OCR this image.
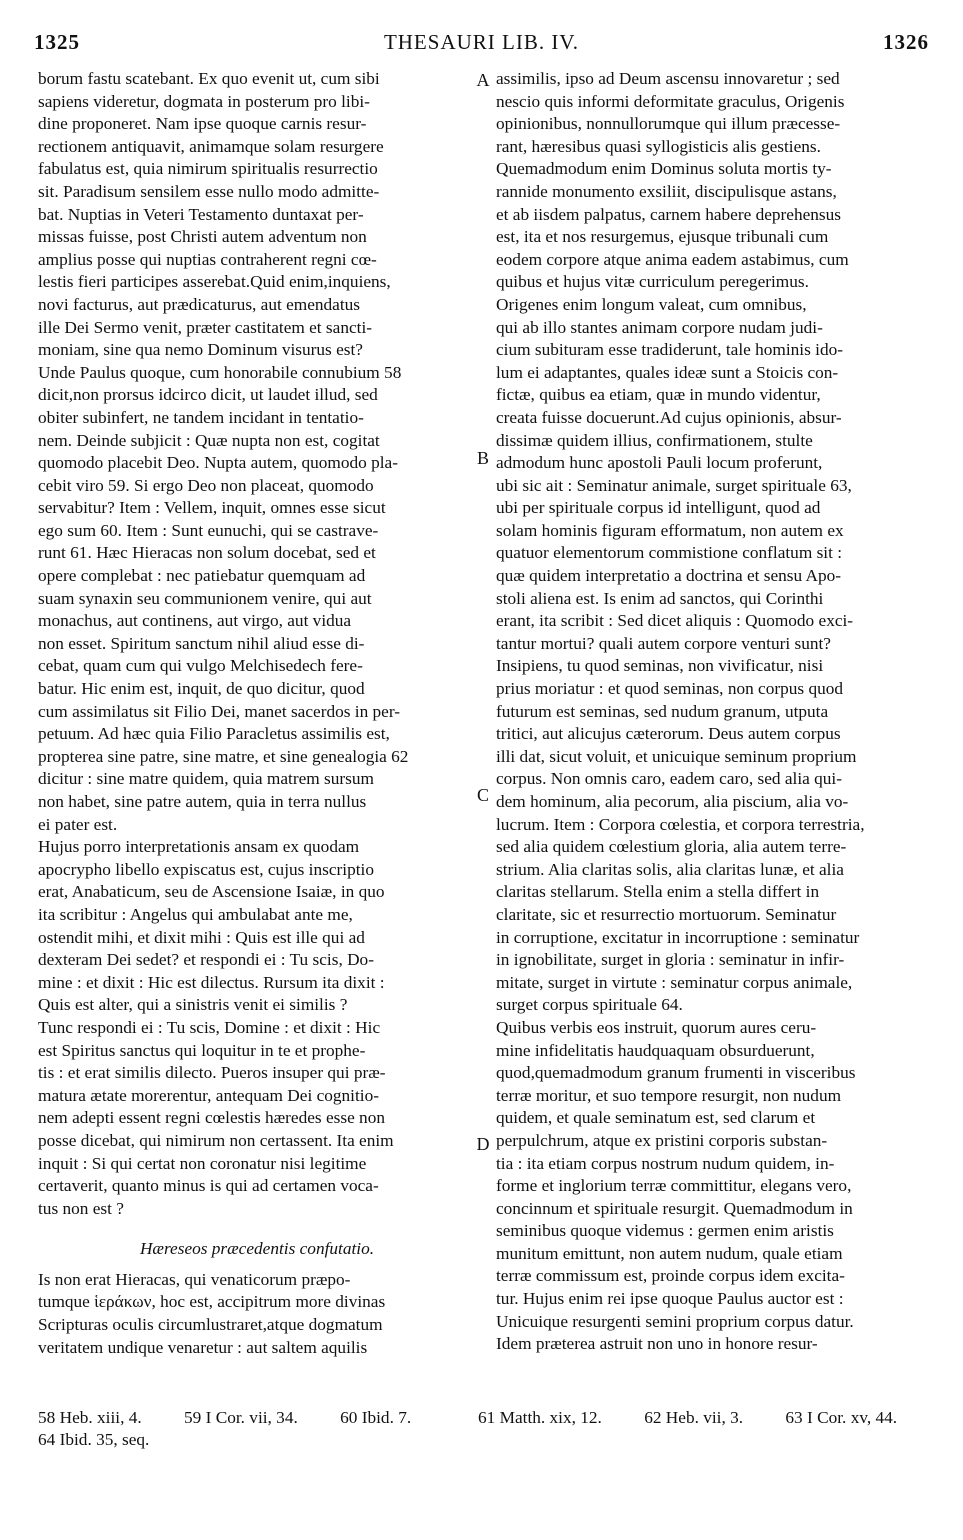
1325	THESAURI LIB. IV.	1326
borum fastu scatebant. Ex quo evenit ut, cum sibi
sapiens videretur, dogmata in posterum pro libi-
dine proponeret. Nam ipse quoque carnis resur-
rectionem antiquavit, animamque solam resurgere
fabulatus est, quia nimirum spiritualis resurrectio
sit. Paradisum sensilem esse nullo modo admitte-
bat. Nuptias in Veteri Testamento duntaxat per-
missas fuisse, post Christi autem adventum non
amplius posse qui nuptias contraherent regni cœ-
lestis fieri participes asserebat.Quid enim,inquiens,
novi facturus, aut prædicaturus, aut emendatus
ille Dei Sermo venit, præter castitatem et sancti-
moniam, sine qua nemo Dominum visurus est?
Unde Paulus quoque, cum honorabile connubium 58
dicit,non prorsus idcirco dicit, ut laudet illud, sed
obiter subinfert, ne tandem incidant in tentatio-
nem. Deinde subjicit : Quæ nupta non est, cogitat
quomodo placebit Deo. Nupta autem, quomodo pla-
cebit viro 59. Si ergo Deo non placeat, quomodo
servabitur? Item : Vellem, inquit, omnes esse sicut
ego sum 60. Item : Sunt eunuchi, qui se castrave-
runt 61. Hæc Hieracas non solum docebat, sed et
opere complebat : nec patiebatur quemquam ad
suam synaxin seu communionem venire, qui aut
monachus, aut continens, aut virgo, aut vidua
non esset. Spiritum sanctum nihil aliud esse di-
cebat, quam cum qui vulgo Melchisedech fere-
batur. Hic enim est, inquit, de quo dicitur, quod
cum assimilatus sit Filio Dei, manet sacerdos in per-
petuum. Ad hæc quia Filio Paracletus assimilis est,
propterea sine patre, sine matre, et sine genealogia 62
dicitur : sine matre quidem, quia matrem sursum
non habet, sine patre autem, quia in terra nullus
ei pater est.
Hujus porro interpretationis ansam ex quodam
apocrypho libello expiscatus est, cujus inscriptio
erat, Anabaticum, seu de Ascensione Isaiæ, in quo
ita scribitur : Angelus qui ambulabat ante me,
ostendit mihi, et dixit mihi : Quis est ille qui ad
dexteram Dei sedet? et respondi ei : Tu scis, Do-
mine : et dixit : Hic est dilectus. Rursum ita dixit :
Quis est alter, qui a sinistris venit ei similis ?
Tunc respondi ei : Tu scis, Domine : et dixit : Hic
est Spiritus sanctus qui loquitur in te et prophe-
tis : et erat similis dilecto. Pueros insuper qui præ-
matura ætate morerentur, antequam Dei cognitio-
nem adepti essent regni cœlestis hæredes esse non
posse dicebat, qui nimirum non certassent. Ita enim
inquit : Si qui certat non coronatur nisi legitime
certaverit, quanto minus is qui ad certamen voca-
tus non est ?
Hæreseos præcedentis confutatio.
Is non erat Hieracas, qui venaticorum præpo-
tumque ἱεράκων, hoc est, accipitrum more divinas
Scripturas oculis circumlustraret,atque dogmatum
veritatem undique venaretur : aut saltem aquilis
assimilis, ipso ad Deum ascensu innovaretur ; sed
nescio quis informi deformitate graculus, Origenis
opinionibus, nonnullorumque qui illum præcesse-
rant, hæresibus quasi syllogisticis alis gestiens.
Quemadmodum enim Dominus soluta mortis ty-
rannide monumento exsiliit, discipulisque astans,
et ab iisdem palpatus, carnem habere deprehensus
est, ita et nos resurgemus, ejusque tribunali cum
eodem corpore atque anima eadem astabimus, cum
quibus et hujus vitæ curriculum peregerimus.
Origenes enim longum valeat, cum omnibus,
qui ab illo stantes animam corpore nudam judi-
cium subituram esse tradiderunt, tale hominis ido-
lum ei adaptantes, quales ideæ sunt a Stoicis con-
fictæ, quibus ea etiam, quæ in mundo videntur,
creata fuisse docuerunt.Ad cujus opinionis, absur-
dissimæ quidem illius, confirmationem, stulte
admodum hunc apostoli Pauli locum proferunt,
ubi sic ait : Seminatur animale, surget spirituale 63,
ubi per spirituale corpus id intelligunt, quod ad
solam hominis figuram efformatum, non autem ex
quatuor elementorum commistione conflatum sit :
quæ quidem interpretatio a doctrina et sensu Apo-
stoli aliena est. Is enim ad sanctos, qui Corinthi
erant, ita scribit : Sed dicet aliquis : Quomodo exci-
tantur mortui? quali autem corpore venturi sunt?
Insipiens, tu quod seminas, non vivificatur, nisi
prius moriatur : et quod seminas, non corpus quod
futurum est seminas, sed nudum granum, utputa
tritici, aut alicujus cæterorum. Deus autem corpus
illi dat, sicut voluit, et unicuique seminum proprium
corpus. Non omnis caro, eadem caro, sed alia qui-
dem hominum, alia pecorum, alia piscium, alia vo-
lucrum. Item : Corpora cœlestia, et corpora terrestria,
sed alia quidem cœlestium gloria, alia autem terre-
strium. Alia claritas solis, alia claritas lunæ, et alia
claritas stellarum. Stella enim a stella differt in
claritate, sic et resurrectio mortuorum. Seminatur
in corruptione, excitatur in incorruptione : seminatur
in ignobilitate, surget in gloria : seminatur in infir-
mitate, surget in virtute : seminatur corpus animale,
surget corpus spirituale 64.
Quibus verbis eos instruit, quorum aures ceru-
mine infidelitatis haudquaquam obsurduerunt,
quod,quemadmodum granum frumenti in visceribus
terræ moritur, et suo tempore resurgit, non nudum
quidem, et quale seminatum est, sed clarum et
perpulchrum, atque ex pristini corporis substan-
tia : ita etiam corpus nostrum nudum quidem, in-
forme et inglorium terræ committitur, elegans vero,
concinnum et spirituale resurgit. Quemadmodum in
seminibus quoque videmus : germen enim aristis
munitum emittunt, non autem nudum, quale etiam
terræ commissum est, proinde corpus idem excita-
tur. Hujus enim rei ipse quoque Paulus auctor est :
Unicuique resurgenti semini proprium corpus datur.
Idem præterea astruit non uno in honore resur-
A
B
C
D
58 Heb. xiii, 4. 59 I Cor. vii, 34. 60 Ibid. 7.
64 Ibid. 35, seq.
61 Matth. xix, 12. 62 Heb. vii, 3. 63 I Cor. xv, 44.
